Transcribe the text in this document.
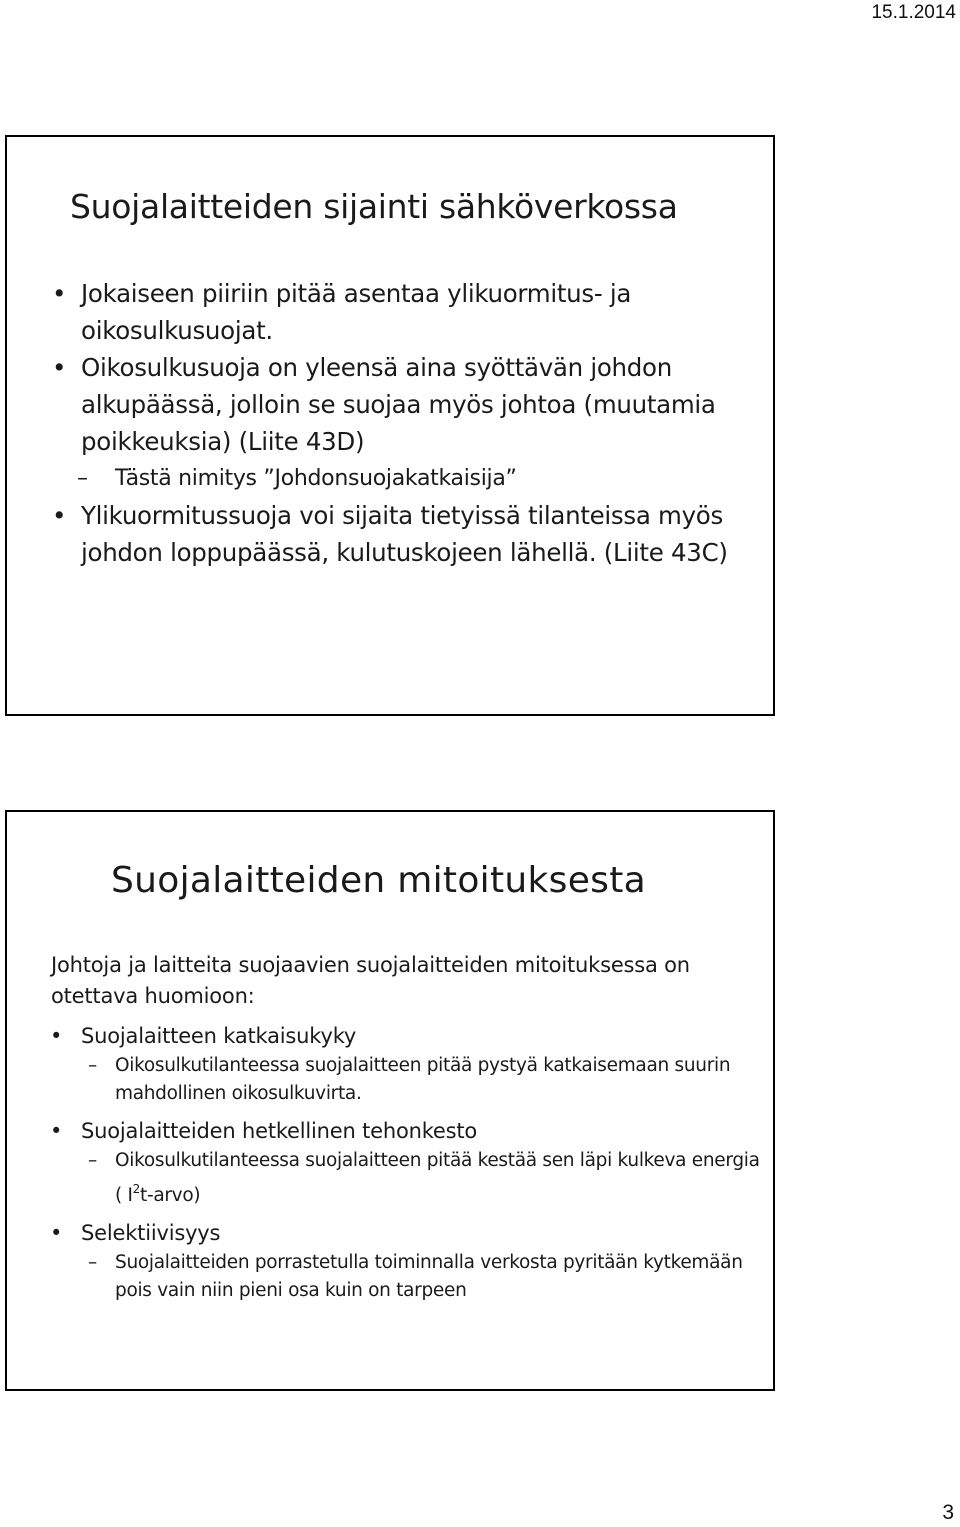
15.1.2014
Suojalaitteiden sijainti sähköverkossa
• Jokaiseen piiriin pitää asentaa ylikuormitus- ja oikosulkusuojat.
• Oikosulkusuoja on yleensä aina syöttävän johdon alkupäässä, jolloin se suojaa myös johtoa (muutamia poikkeuksia) (Liite 43D)
– Tästä nimitys ”Johdonsuojakatkaisija”
• Ylikuormitussuoja voi sijaita tietyissä tilanteissa myös johdon loppupäässä, kulutuskojeen lähellä. (Liite 43C)
Suojalaitteiden mitoituksesta
Johtoja ja laitteita suojaavien suojalaitteiden mitoituksessa on otettava huomioon:
• Suojalaitteen katkaisukyky
– Oikosulkutilanteessa suojalaitteen pitää pystyä katkaisemaan suurin mahdollinen oikosulkuvirta.
• Suojalaitteiden hetkellinen tehonkesto
– Oikosulkutilanteessa suojalaitteen pitää kestää sen läpi kulkeva energia ( $I^2t-arvo$)
• Selektiivisyys
– Suojalaitteiden porrastetulla toiminnalla verkosta pyritään kytkemään pois vain niin pieni osa kuin on tarpeen
3
